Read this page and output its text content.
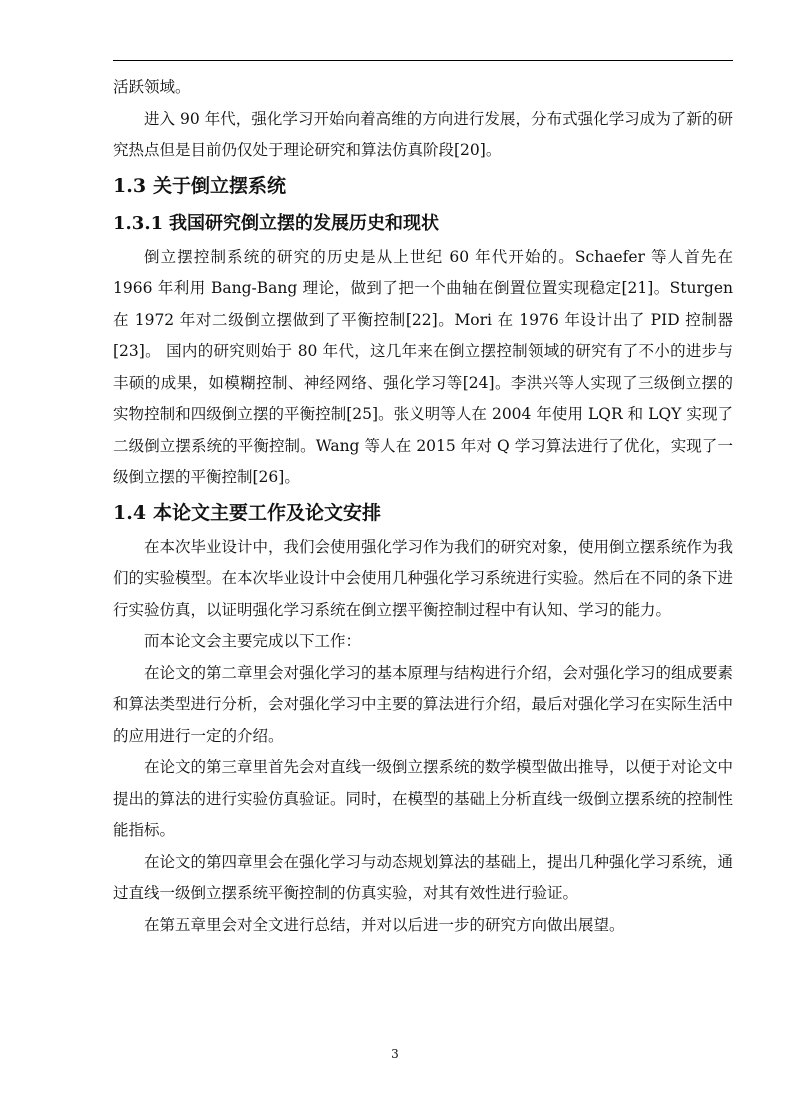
活跃领域。

进入 90 年代，强化学习开始向着高维的方向进行发展，分布式强化学习成为了新的研究热点但是目前仍仅处于理论研究和算法仿真阶段[20]。

1.3 关于倒立摆系统
1.3.1 我国研究倒立摆的发展历史和现状

倒立摆控制系统的研究的历史是从上世纪 60 年代开始的。Schaefer 等人首先在 1966 年利用 Bang-Bang 理论，做到了把一个曲轴在倒置位置实现稳定[21]。Sturgen 在 1972 年对二级倒立摆做到了平衡控制[22]。Mori 在 1976 年设计出了 PID 控制器[23]。 国内的研究则始于 80 年代，这几年来在倒立摆控制领域的研究有了不小的进步与丰硕的成果，如模糊控制、神经网络、强化学习等[24]。李洪兴等人实现了三级倒立摆的实物控制和四级倒立摆的平衡控制[25]。张义明等人在 2004 年使用 LQR 和 LQY 实现了二级倒立摆系统的平衡控制。Wang 等人在 2015 年对 Q 学习算法进行了优化，实现了一级倒立摆的平衡控制[26]。

1.4 本论文主要工作及论文安排

在本次毕业设计中，我们会使用强化学习作为我们的研究对象，使用倒立摆系统作为我们的实验模型。在本次毕业设计中会使用几种强化学习系统进行实验。然后在不同的条下进行实验仿真，以证明强化学习系统在倒立摆平衡控制过程中有认知、学习的能力。

而本论文会主要完成以下工作：

在论文的第二章里会对强化学习的基本原理与结构进行介绍，会对强化学习的组成要素和算法类型进行分析，会对强化学习中主要的算法进行介绍，最后对强化学习在实际生活中的应用进行一定的介绍。

在论文的第三章里首先会对直线一级倒立摆系统的数学模型做出推导，以便于对论文中提出的算法的进行实验仿真验证。同时，在模型的基础上分析直线一级倒立摆系统的控制性能指标。

在论文的第四章里会在强化学习与动态规划算法的基础上，提出几种强化学习系统，通过直线一级倒立摆系统平衡控制的仿真实验，对其有效性进行验证。

在第五章里会对全文进行总结，并对以后进一步的研究方向做出展望。

3
